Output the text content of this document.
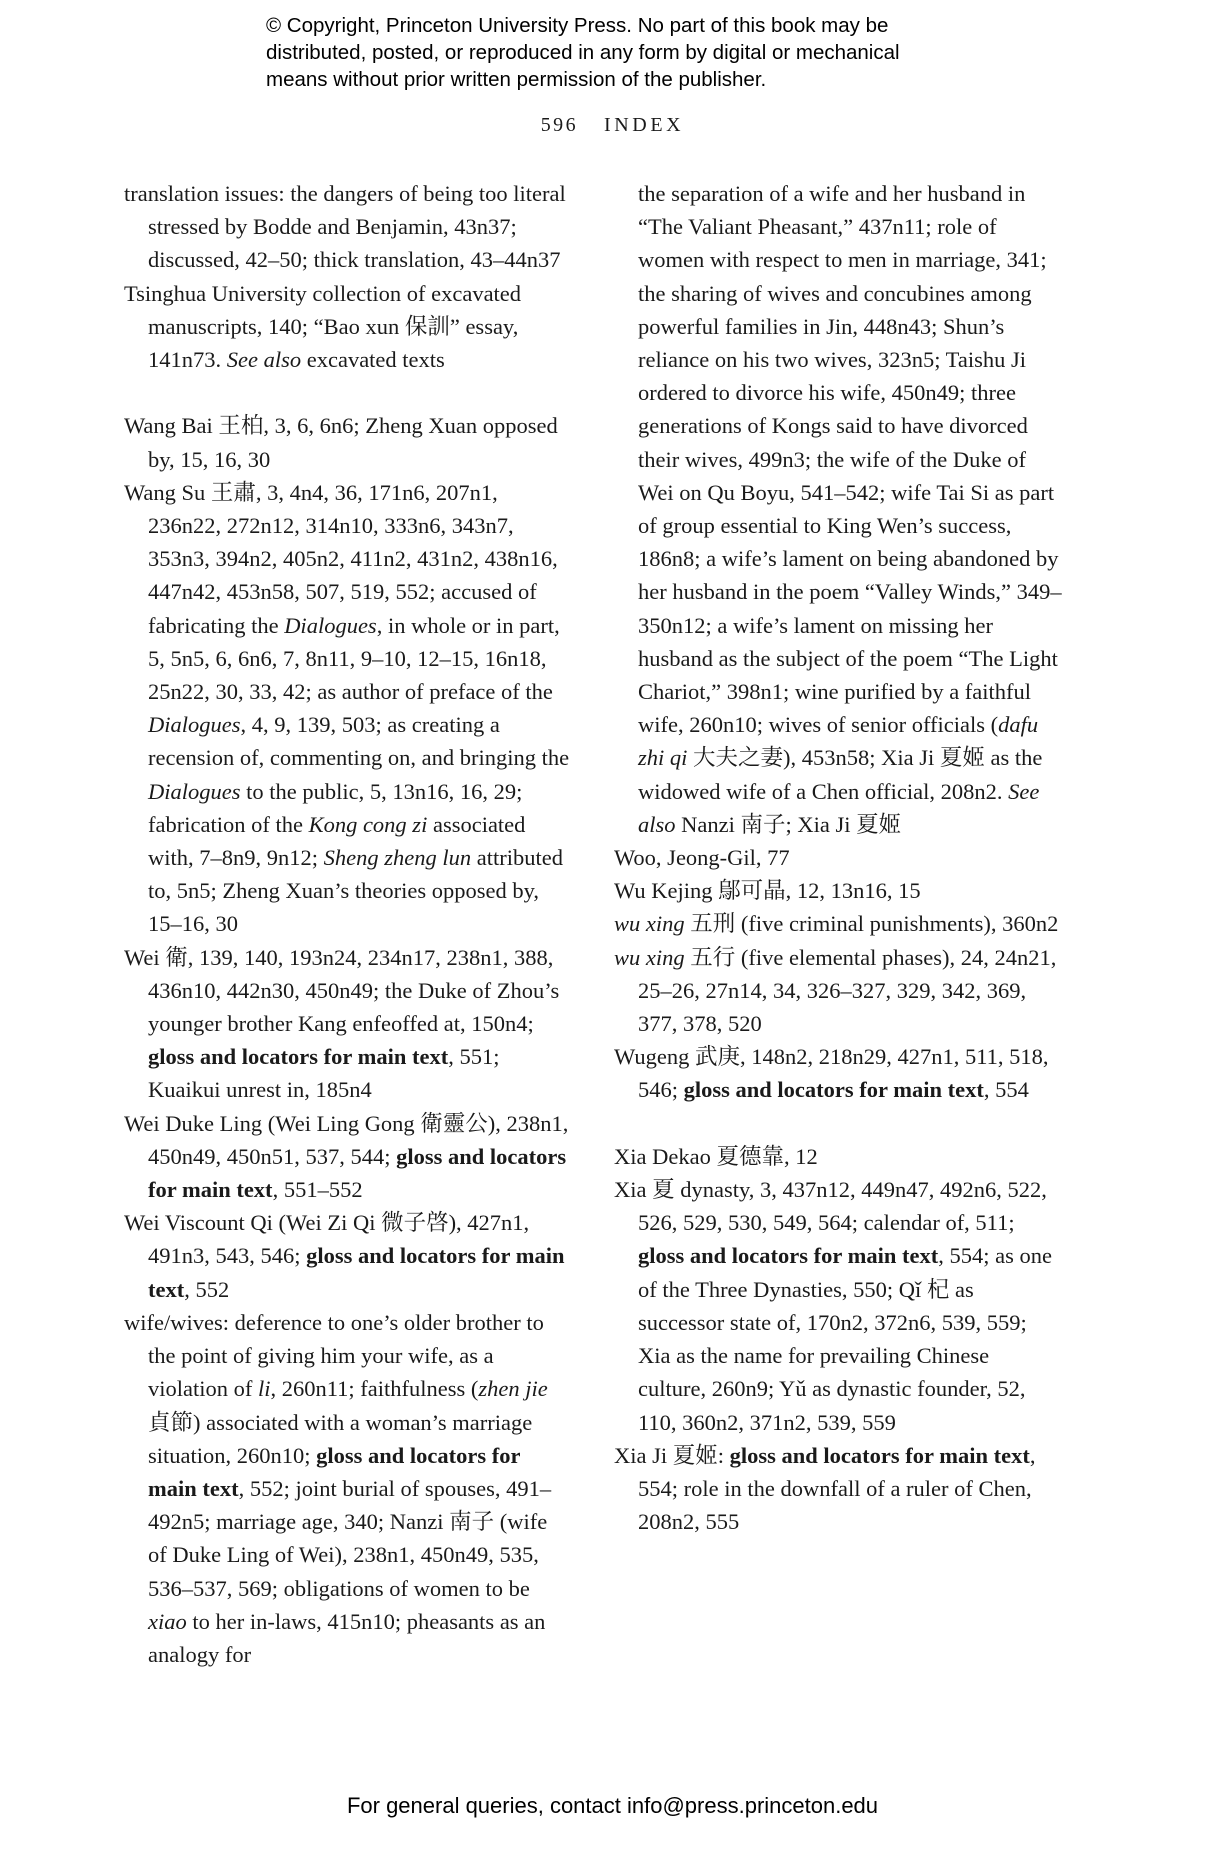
© Copyright, Princeton University Press. No part of this book may be
distributed, posted, or reproduced in any form by digital or mechanical
means without prior written permission of the publisher.
596 INDEX

translation issues: the dangers of being too literal stressed by Bodde and Benjamin, 43n37; discussed, 42–50; thick translation, 43–44n37

Tsinghua University collection of excavated manuscripts, 140; “Bao xun 保訓” essay, 141n73. See also excavated texts

Wang Bai 王柏, 3, 6, 6n6; Zheng Xuan opposed by, 15, 16, 30

Wang Su 王肅, 3, 4n4, 36, 171n6, 207n1, 236n22, 272n12, 314n10, 333n6, 343n7, 353n3, 394n2, 405n2, 411n2, 431n2, 438n16, 447n42, 453n58, 507, 519, 552; accused of fabricating the Dialogues, in whole or in part, 5, 5n5, 6, 6n6, 7, 8n11, 9–10, 12–15, 16n18, 25n22, 30, 33, 42; as author of preface of the Dialogues, 4, 9, 139, 503; as creating a recension of, commenting on, and bringing the Dialogues to the public, 5, 13n16, 16, 29; fabrication of the Kong cong zi associated with, 7–8n9, 9n12; Sheng zheng lun attributed to, 5n5; Zheng Xuan’s theories opposed by, 15–16, 30

Wei 衛, 139, 140, 193n24, 234n17, 238n1, 388, 436n10, 442n30, 450n49; the Duke of Zhou’s younger brother Kang enfeoffed at, 150n4; gloss and locators for main text, 551; Kuaikui unrest in, 185n4

Wei Duke Ling (Wei Ling Gong 衛靈公), 238n1, 450n49, 450n51, 537, 544; gloss and locators for main text, 551–552

Wei Viscount Qi (Wei Zi Qi 微子啓), 427n1, 491n3, 543, 546; gloss and locators for main text, 552

wife/wives: deference to one’s older brother to the point of giving him your wife, as a violation of li, 260n11; faithfulness (zhen jie 貞節) associated with a woman’s marriage situation, 260n10; gloss and locators for main text, 552; joint burial of spouses, 491–492n5; marriage age, 340; Nanzi 南子 (wife of Duke Ling of Wei), 238n1, 450n49, 535, 536–537, 569; obligations of women to be xiao to her in-laws, 415n10; pheasants as an analogy for

the separation of a wife and her husband in “The Valiant Pheasant,” 437n11; role of women with respect to men in marriage, 341; the sharing of wives and concubines among powerful families in Jin, 448n43; Shun’s reliance on his two wives, 323n5; Taishu Ji ordered to divorce his wife, 450n49; three generations of Kongs said to have divorced their wives, 499n3; the wife of the Duke of Wei on Qu Boyu, 541–542; wife Tai Si as part of group essential to King Wen’s success, 186n8; a wife’s lament on being abandoned by her husband in the poem “Valley Winds,” 349–350n12; a wife’s lament on missing her husband as the subject of the poem “The Light Chariot,” 398n1; wine purified by a faithful wife, 260n10; wives of senior officials (dafu zhi qi 大夫之妻), 453n58; Xia Ji 夏姬 as the widowed wife of a Chen official, 208n2. See also Nanzi 南子; Xia Ji 夏姬

Woo, Jeong-Gil, 77

Wu Kejing 鄔可晶, 12, 13n16, 15

wu xing 五刑 (five criminal punishments), 360n2

wu xing 五行 (five elemental phases), 24, 24n21, 25–26, 27n14, 34, 326–327, 329, 342, 369, 377, 378, 520

Wugeng 武庚, 148n2, 218n29, 427n1, 511, 518, 546; gloss and locators for main text, 554

Xia Dekao 夏德靠, 12

Xia 夏 dynasty, 3, 437n12, 449n47, 492n6, 522, 526, 529, 530, 549, 564; calendar of, 511; gloss and locators for main text, 554; as one of the Three Dynasties, 550; Qǐ 杞 as successor state of, 170n2, 372n6, 539, 559; Xia as the name for prevailing Chinese culture, 260n9; Yǔ as dynastic founder, 52, 110, 360n2, 371n2, 539, 559

Xia Ji 夏姬: gloss and locators for main text, 554; role in the downfall of a ruler of Chen, 208n2, 555

For general queries, contact info@press.princeton.edu
